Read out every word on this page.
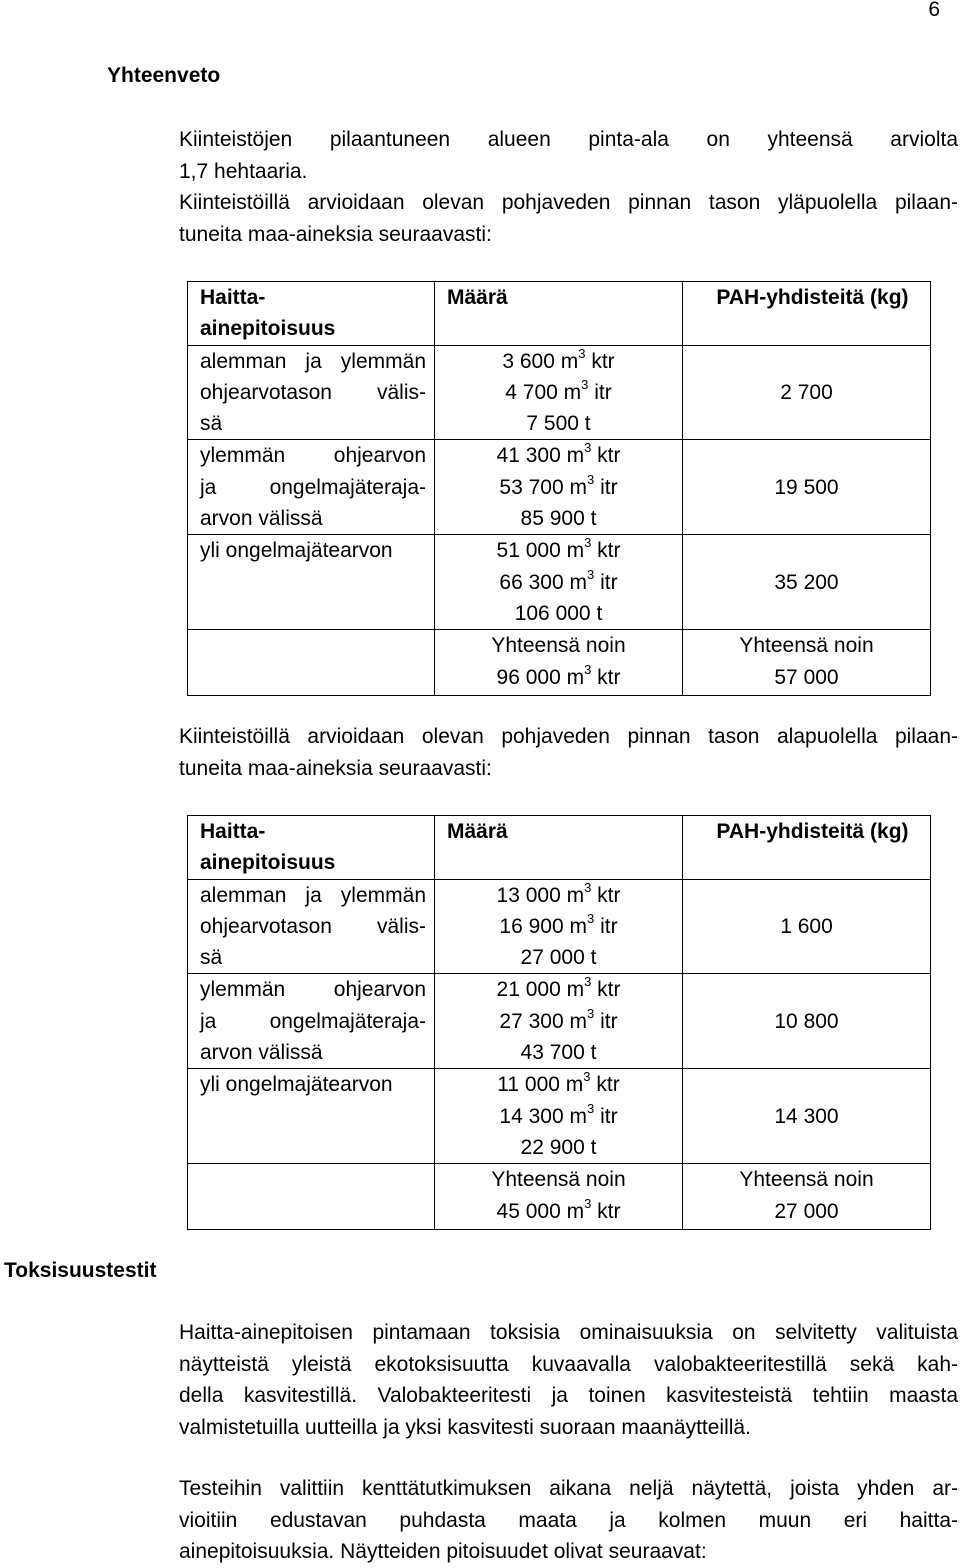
6
Yhteenveto
Kiinteistöjen pilaantuneen alueen pinta-ala on yhteensä arviolta
1,7 hehtaaria.
Kiinteistöillä arvioidaan olevan pohjaveden pinnan tason yläpuolella pilaan-
tuneita maa-aineksia seuraavasti:
Haitta-
ainepitoisuus	Määrä	PAH-yhdisteitä (kg)

alemman ja ylemmän
ohjearvotason välis-
sä	3 600 $m^3$ ktr
4 700 $m^3$ itr
7 500 t	2 700

ylemmän ohjearvon
ja ongelmajäteraja-
arvon välissä	41 300 $m^3$ ktr
53 700 $m^3$ itr
85 900 t	19 500

yli ongelmajätearvon	51 000 $m^3$ ktr
66 300 $m^3$ itr
106 000 t	35 200

	Yhteensä noin
96 000 $m^3$ ktr	Yhteensä noin
57 000
Kiinteistöillä arvioidaan olevan pohjaveden pinnan tason alapuolella pilaan-
tuneita maa-aineksia seuraavasti:
Haitta-
ainepitoisuus	Määrä	PAH-yhdisteitä (kg)

alemman ja ylemmän
ohjearvotason välis-
sä	13 000 $m^3$ ktr
16 900 $m^3$ itr
27 000 t	1 600

ylemmän ohjearvon
ja ongelmajäteraja-
arvon välissä	21 000 $m^3$ ktr
27 300 $m^3$ itr
43 700 t	10 800

yli ongelmajätearvon	11 000 $m^3$ ktr
14 300 $m^3$ itr
22 900 t	14 300

	Yhteensä noin
45 000 $m^3$ ktr	Yhteensä noin
27 000
Toksisuustestit
Haitta-ainepitoisen pintamaan toksisia ominaisuuksia on selvitetty valituista
näytteistä yleistä ekotoksisuutta kuvaavalla valobakteeritestillä sekä kah-
della kasvitestillä. Valobakteeritesti ja toinen kasvitesteistä tehtiin maasta
valmistetuilla uutteilla ja yksi kasvitesti suoraan maanäytteillä.
Testeihin valittiin kenttätutkimuksen aikana neljä näytettä, joista yhden ar-
vioitiin edustavan puhdasta maata ja kolmen muun eri haitta-
ainepitoisuuksia. Näytteiden pitoisuudet olivat seuraavat:
